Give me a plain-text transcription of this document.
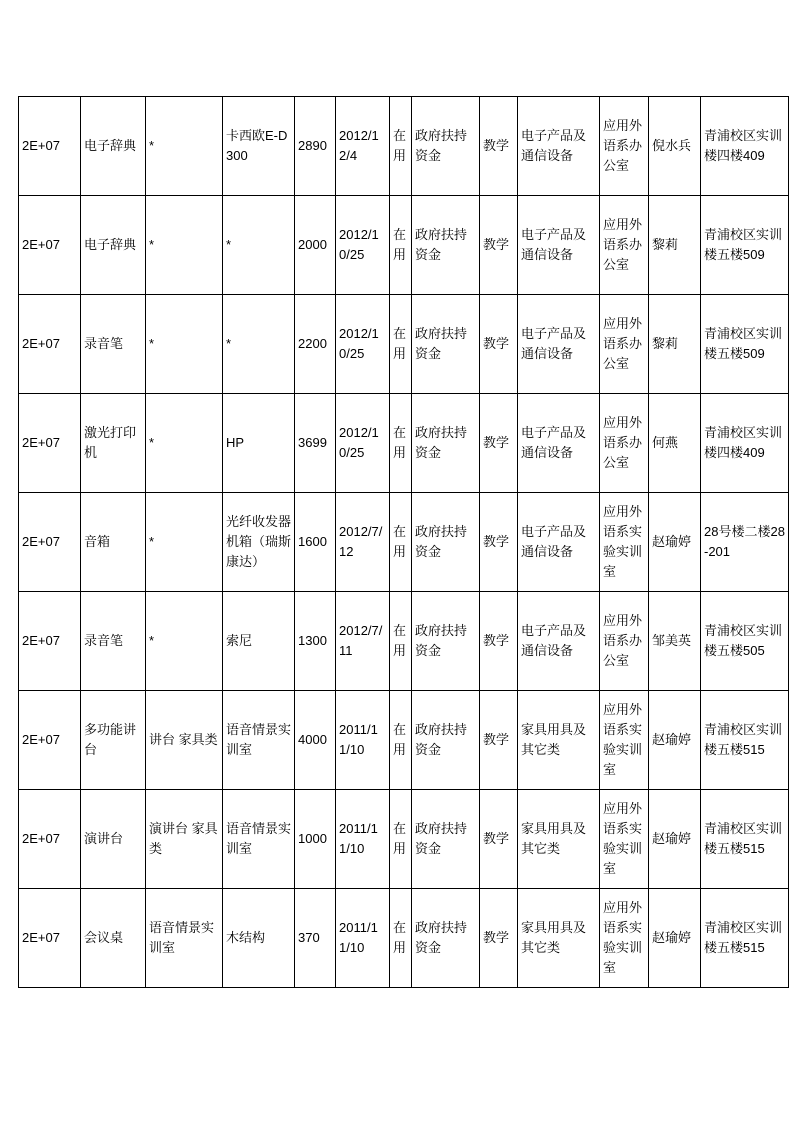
2E+07	电子辞典	*	卡西欧E-D300	2890	2012/12/4	在用	政府扶持资金	教学	电子产品及通信设备	应用外语系办公室	倪水兵	青浦校区实训楼四楼409
2E+07	电子辞典	*	*	2000	2012/10/25	在用	政府扶持资金	教学	电子产品及通信设备	应用外语系办公室	黎莉	青浦校区实训楼五楼509
2E+07	录音笔	*	*	2200	2012/10/25	在用	政府扶持资金	教学	电子产品及通信设备	应用外语系办公室	黎莉	青浦校区实训楼五楼509
2E+07	激光打印机	*	HP	3699	2012/10/25	在用	政府扶持资金	教学	电子产品及通信设备	应用外语系办公室	何燕	青浦校区实训楼四楼409
2E+07	音箱	*	光纤收发器机箱（瑞斯康达）	1600	2012/7/12	在用	政府扶持资金	教学	电子产品及通信设备	应用外语系实验实训室	赵瑜婷	28号楼二楼28-201
2E+07	录音笔	*	索尼	1300	2012/7/11	在用	政府扶持资金	教学	电子产品及通信设备	应用外语系办公室	邹美英	青浦校区实训楼五楼505
2E+07	多功能讲台	讲台 家具类	语音情景实训室	4000	2011/11/10	在用	政府扶持资金	教学	家具用具及其它类	应用外语系实验实训室	赵瑜婷	青浦校区实训楼五楼515
2E+07	演讲台	演讲台 家具类	语音情景实训室	1000	2011/11/10	在用	政府扶持资金	教学	家具用具及其它类	应用外语系实验实训室	赵瑜婷	青浦校区实训楼五楼515
2E+07	会议桌	语音情景实训室	木结构	370	2011/11/10	在用	政府扶持资金	教学	家具用具及其它类	应用外语系实验实训室	赵瑜婷	青浦校区实训楼五楼515
